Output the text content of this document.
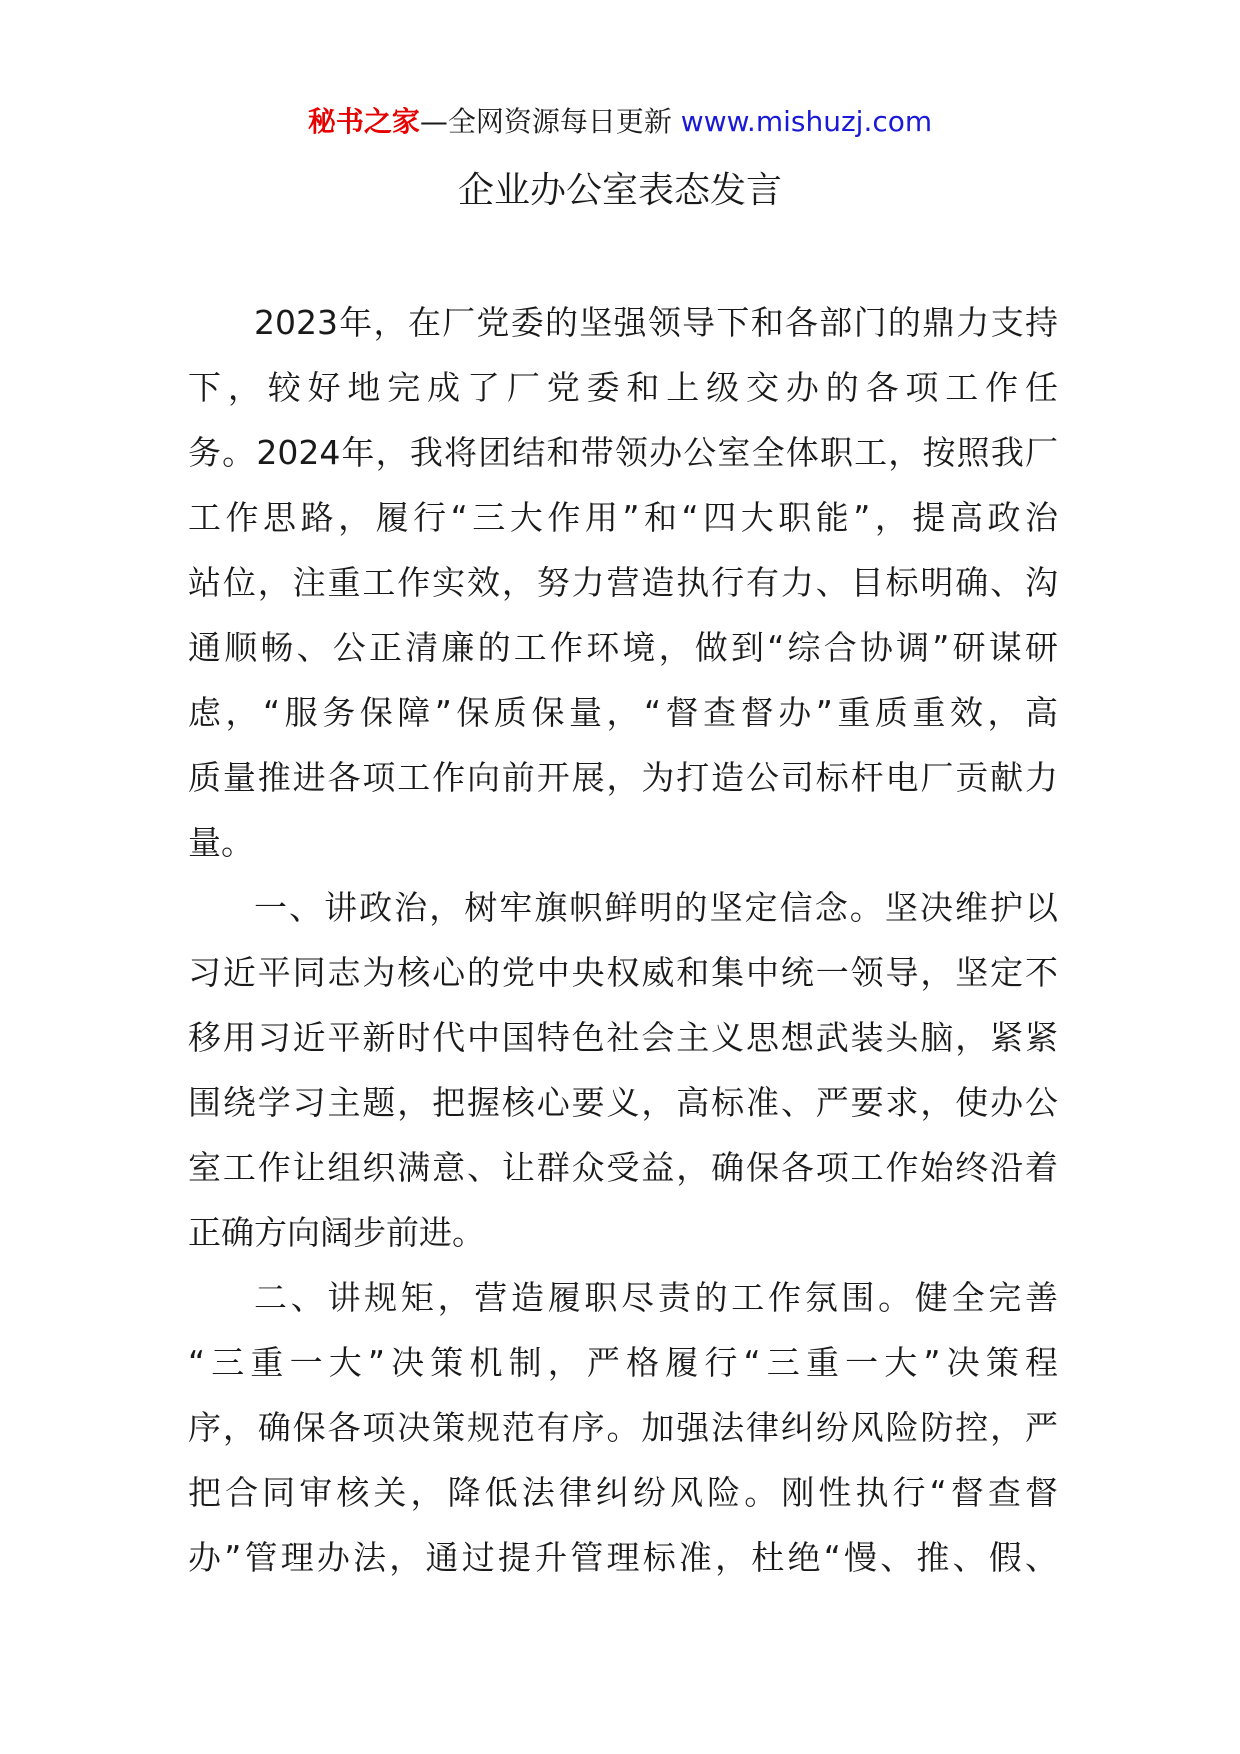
秘书之家—全网资源每日更新 www.mishuzj.com
企业办公室表态发言
2023年，在厂党委的坚强领导下和各部门的鼎力支持
下，较好地完成了厂党委和上级交办的各项工作任
务。2024年，我将团结和带领办公室全体职工，按照我厂
工作思路，履行“三大作用”和“四大职能”，提高政治
站位，注重工作实效，努力营造执行有力、目标明确、沟
通顺畅、公正清廉的工作环境，做到“综合协调”研谋研
虑，“服务保障”保质保量，“督查督办”重质重效，高
质量推进各项工作向前开展，为打造公司标杆电厂贡献力
量。
一、讲政治，树牢旗帜鲜明的坚定信念。坚决维护以
习近平同志为核心的党中央权威和集中统一领导，坚定不
移用习近平新时代中国特色社会主义思想武装头脑，紧紧
围绕学习主题，把握核心要义，高标准、严要求，使办公
室工作让组织满意、让群众受益，确保各项工作始终沿着
正确方向阔步前进。
二、讲规矩，营造履职尽责的工作氛围。健全完善
“三重一大”决策机制，严格履行“三重一大”决策程
序，确保各项决策规范有序。加强法律纠纷风险防控，严
把合同审核关，降低法律纠纷风险。刚性执行“督查督
办”管理办法，通过提升管理标准，杜绝“慢、推、假、
